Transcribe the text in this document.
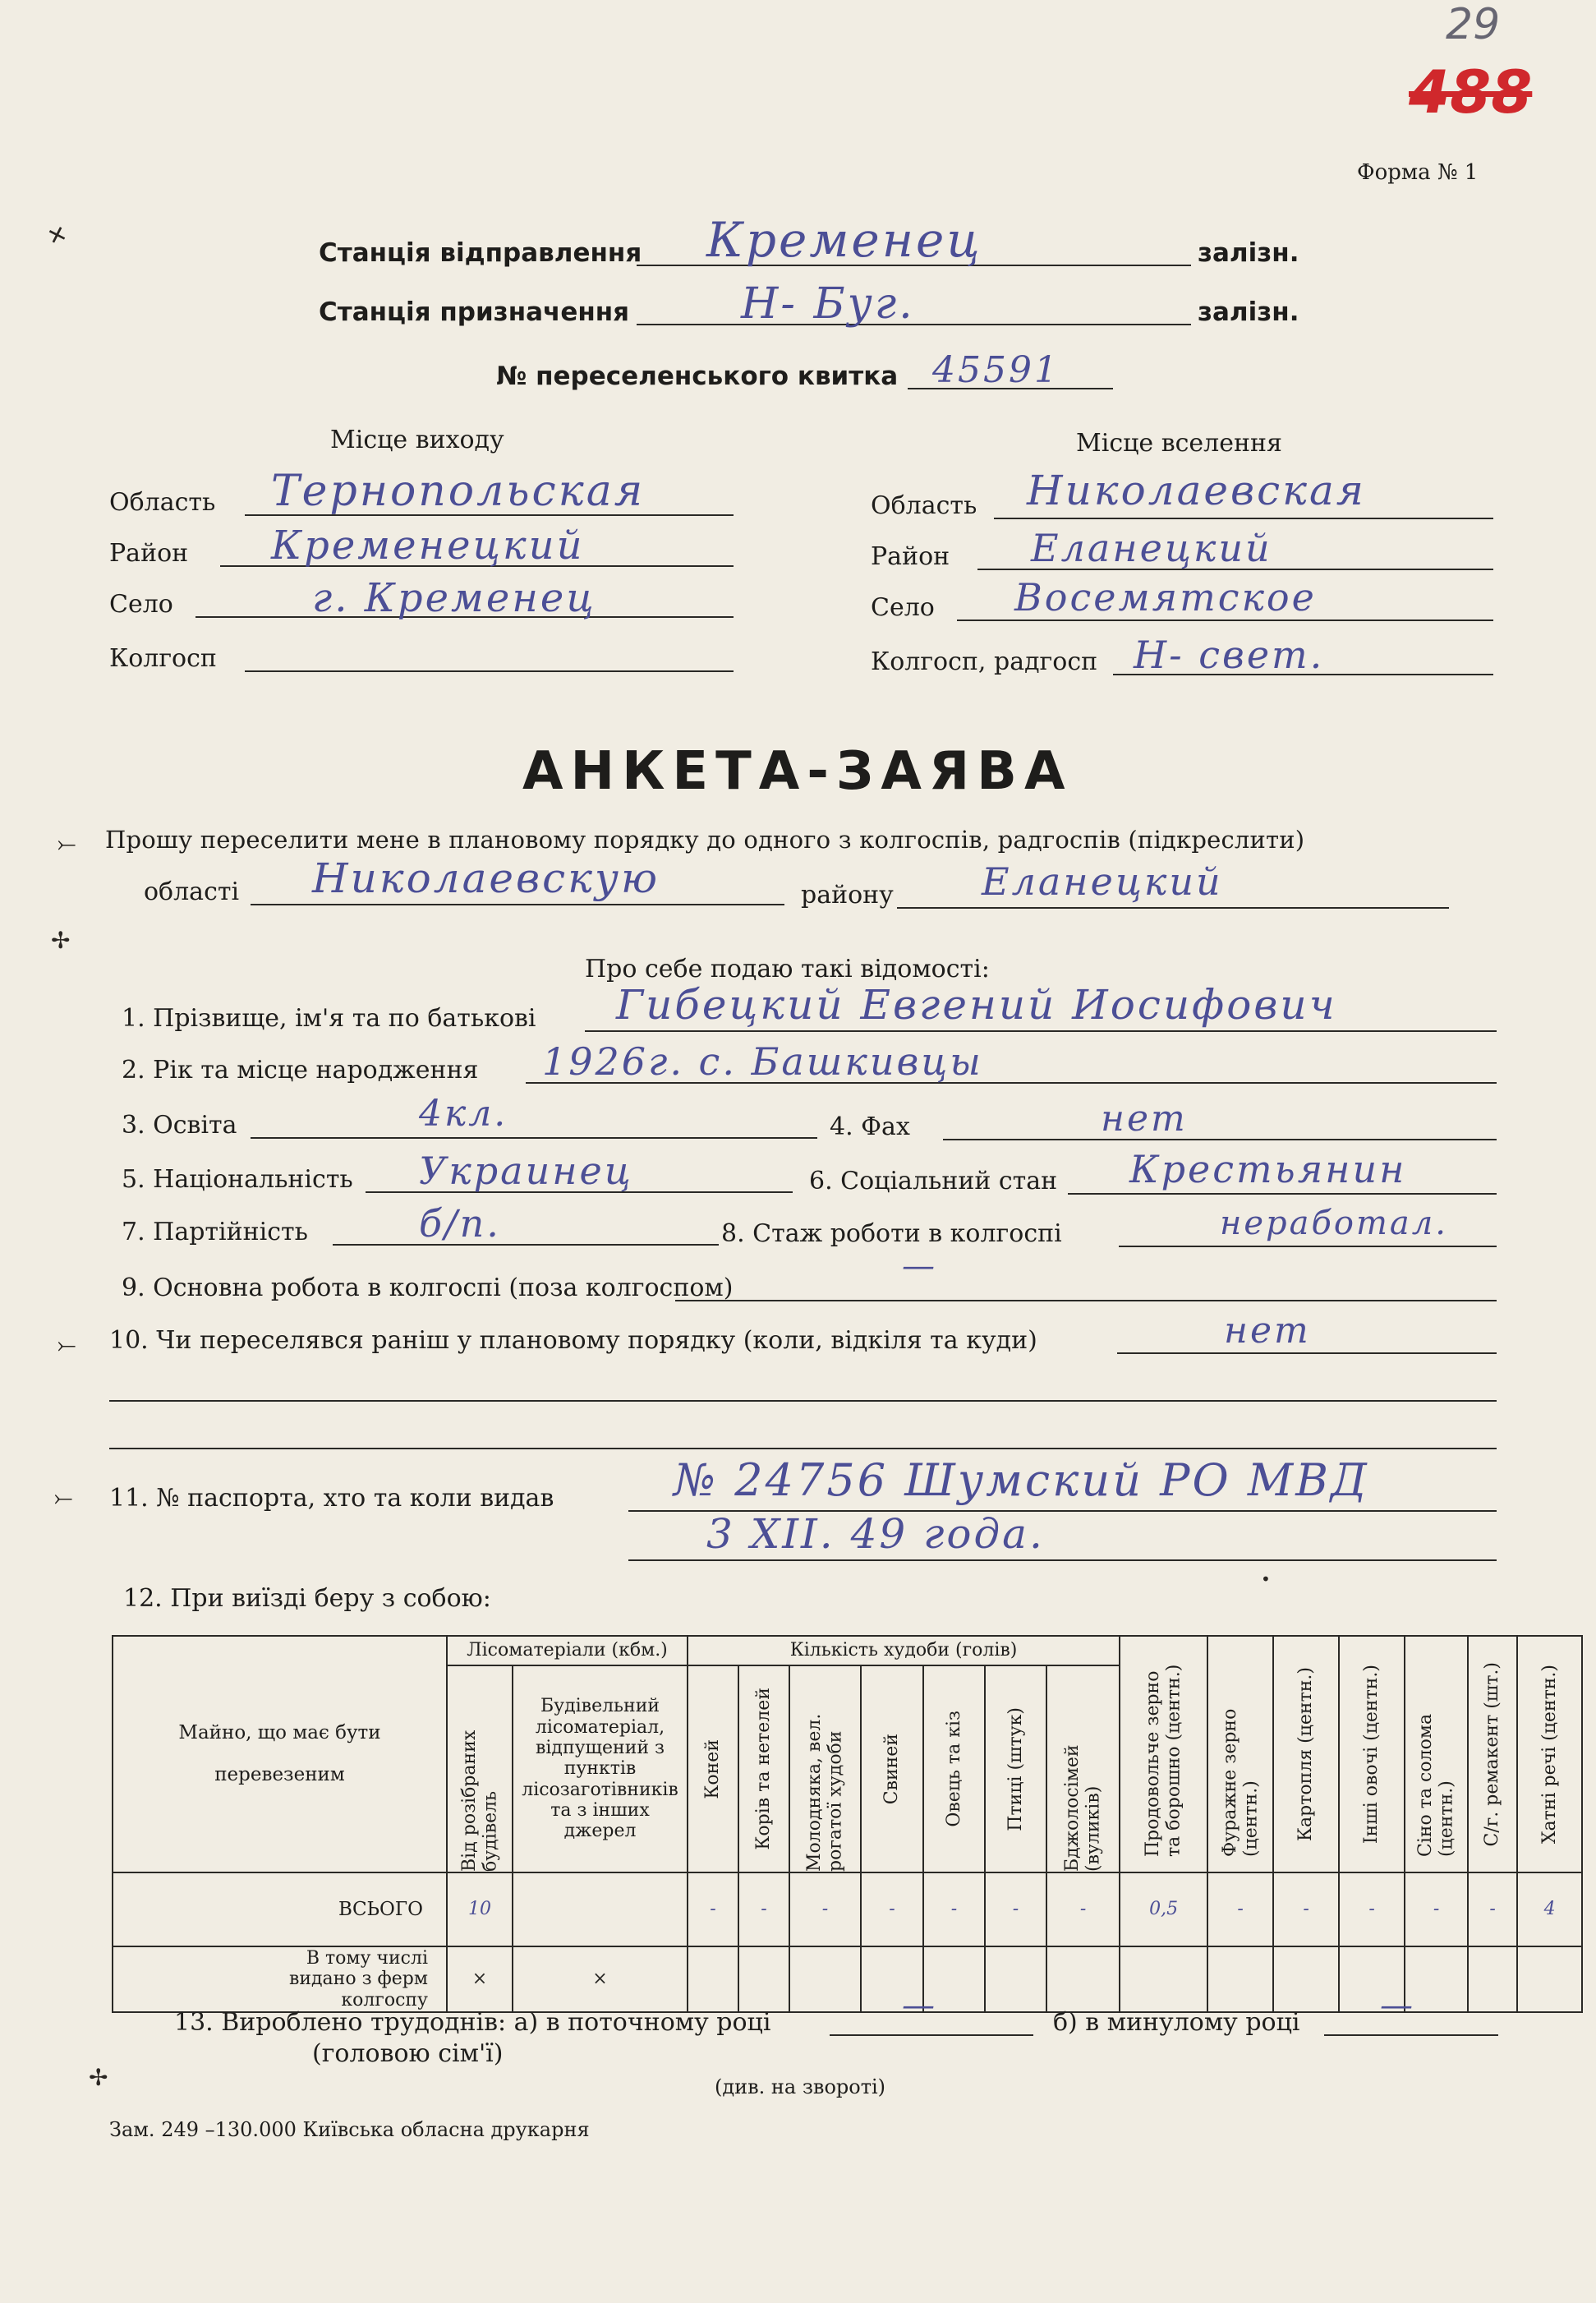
29
488
Форма № 1
Станція відправлення Кременец	залізн.
Станція призначення	Н- Буг.	залізн.
№ переселенського квитка 45591
Місце виходу	Місце вселення
Область Тернопольская
Район Кременецкий
Село	г. Кременец
Колгосп
Область Николаевская
Район Еланецкий
Село Восемятское
Колгосп, радгосп Н- свет.
АНКЕТА-ЗАЯВА
Прошу переселити мене в плановому порядку до одного з колгоспів, радгоспів (підкреслити)
області Николаевскую	району Еланецкий
Про себе подаю такі відомості:
1. Прізвище, ім'я та по батькові Гибецкий Евгений Иосифович
2. Рік та місце народження 1926г. с. Башкивцы
3. Освіта	4кл.	4. Фах	нет
5. Національність Украинец	6. Соціальний стан Крестьянин
7. Партійність	б/п.	8. Стаж роботи в колгоспі	неработал.
9. Основна робота в колгоспі (поза колгоспом)
—
10. Чи переселявся раніш у плановому порядку (коли, відкіля та куди)	нет
11. № паспорта, хто та коли видав	№ 24756 Шумский РО МВД
3 XII. 49 года.
12. При виїзді беру з собою:
Майно, що має бути перевезеним	Лісоматеріали (кбм.)		Кількість худоби (голів)							Продовольче зерно та борошно (центн.)	Фуражне зерно (центн.)	Картопля (центн.)	Інші овочі (центн.)	Сіно та солома (центн.)	С/г. ремакент (шт.)	Хатні речі (центн.)

	Від розібраних будівель	Будівельний лісоматеріал, відпущений з пунктів лісозаготівників та з інших джерел	Коней	Корів та нетелей	Молодняка, вел. рогатої худоби	Свиней	Овець та кіз	Птиці (штук)	Бджолосімей (вуликів)							

ВСЬОГО	10		-	-	-	-	-	-	-	0,5	-	-	-	-	-	4
В тому числі видано з ферм колгоспу	×	×														
13. Вироблено трудоднів: а) в поточному році	—	б) в минулому році —
(головою сім'ї)
(див. на звороті)
Зам. 249 –130.000 Київська обласна друкарня
✕
⤚
✢
⤚
⤚
✢
•
